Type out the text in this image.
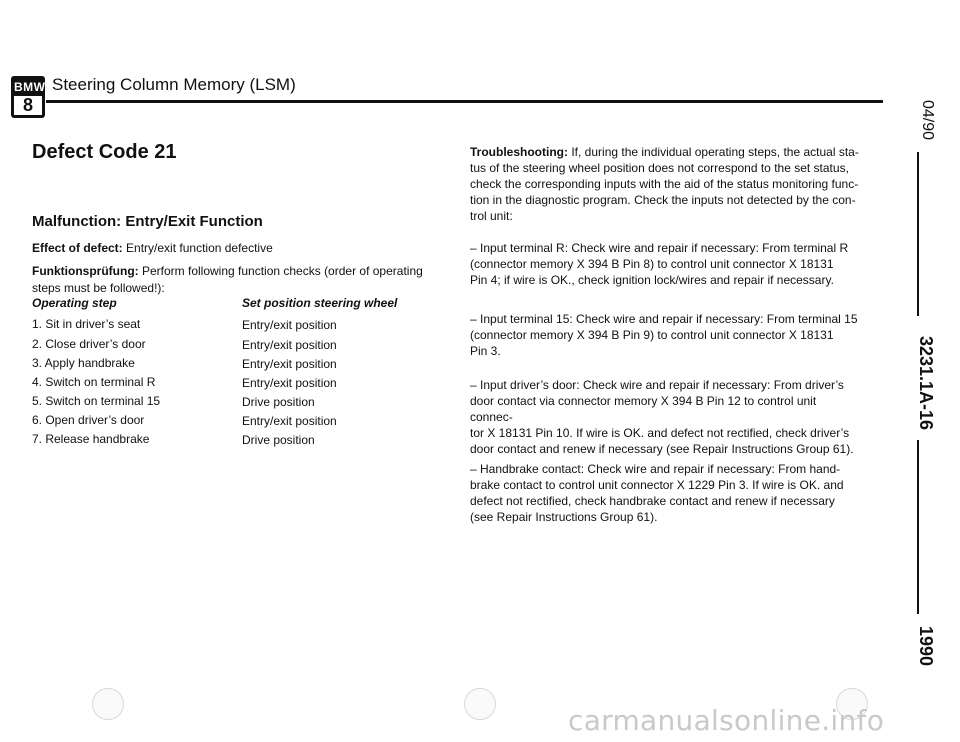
BMW
8
Steering Column Memory (LSM)
Defect Code 21
Malfunction: Entry/Exit Function
Effect of defect: Entry/exit function defective
Funktionsprüfung: Perform following function checks (order of operating
steps must be followed!):
Operating step	Set position steering wheel
1. Sit in driver’s seat	Entry/exit position
2. Close driver’s door	Entry/exit position
3. Apply handbrake	Entry/exit position
4. Switch on terminal R	Entry/exit position
5. Switch on terminal 15	Drive position
6. Open driver’s door	Entry/exit position
7. Release handbrake	Drive position
Troubleshooting: If, during the individual operating steps, the actual sta-
tus of the steering wheel position does not correspond to the set status,
check the corresponding inputs with the aid of the status monitoring func-
tion in the diagnostic program. Check the inputs not detected by the con-
trol unit:
– Input terminal R: Check wire and repair if necessary: From terminal R
(connector memory X 394 B Pin 8) to control unit connector X 18131
Pin 4; if wire is OK., check ignition lock/wires and repair if necessary.
– Input terminal 15: Check wire and repair if necessary: From terminal 15
(connector memory X 394 B Pin 9) to control unit connector X 18131
Pin 3.
– Input driver’s door: Check wire and repair if necessary: From driver’s
door contact via connector memory X 394 B Pin 12 to control unit connec-
tor X 18131 Pin 10. If wire is OK. and defect not rectified, check driver’s
door contact and renew if necessary (see Repair Instructions Group 61).
– Handbrake contact: Check wire and repair if necessary: From hand-
brake contact to control unit connector X 1229 Pin 3. If wire is OK. and
defect not rectified, check handbrake contact and renew if necessary
(see Repair Instructions Group 61).
04/90
3231.1A-16
1990
carmanualsonline.info
